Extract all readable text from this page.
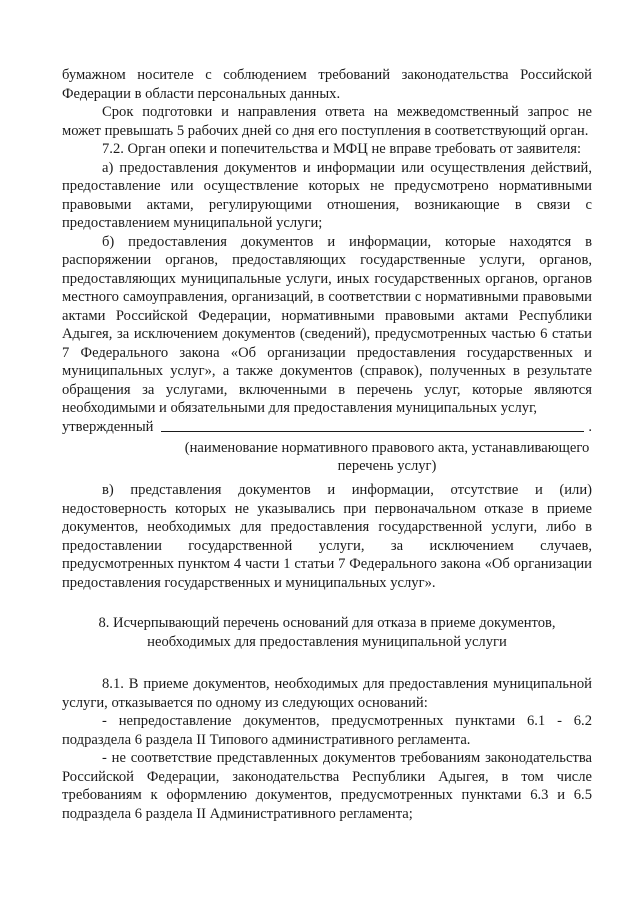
бумажном носителе с соблюдением требований законодательства Российской Федерации в области персональных данных.

Срок подготовки и направления ответа на межведомственный запрос не может превышать 5 рабочих дней со дня его поступления в соответствующий орган.

7.2. Орган опеки и попечительства и МФЦ не вправе требовать от заявителя:

а) предоставления документов и информации или осуществления действий, предоставление или осуществление которых не предусмотрено нормативными правовыми актами, регулирующими отношения, возникающие в связи с предоставлением муниципальной услуги;

б) предоставления документов и информации, которые находятся в распоряжении органов, предоставляющих государственные услуги, органов, предоставляющих муниципальные услуги, иных государственных органов, органов местного самоуправления, организаций, в соответствии с нормативными правовыми актами Российской Федерации, нормативными правовыми актами Республики Адыгея, за исключением документов (сведений), предусмотренных частью 6 статьи 7 Федерального закона «Об организации предоставления государственных и муниципальных услуг», а также документов (справок), полученных в результате обращения за услугами, включенными в перечень услуг, которые являются необходимыми и обязательными для предоставления муниципальных услуг,

утвержденный	.
(наименование нормативного правового акта, устанавливающего перечень услуг)

в) представления документов и информации, отсутствие и (или) недостоверность которых не указывались при первоначальном отказе в приеме документов, необходимых для предоставления государственной услуги, либо в предоставлении государственной услуги, за исключением случаев, предусмотренных пунктом 4 части 1 статьи 7 Федерального закона «Об организации предоставления государственных и муниципальных услуг».

8. Исчерпывающий перечень оснований для отказа в приеме документов,

необходимых для предоставления муниципальной услуги

8.1. В приеме документов, необходимых для предоставления муниципальной услуги, отказывается по одному из следующих оснований:

- непредоставление документов, предусмотренных пунктами 6.1 - 6.2 подраздела 6 раздела II Типового административного регламента.

- не соответствие представленных документов требованиям законодательства Российской Федерации, законодательства Республики Адыгея, в том числе требованиям к оформлению документов, предусмотренных пунктами 6.3 и 6.5 подраздела 6 раздела II Административного регламента;
